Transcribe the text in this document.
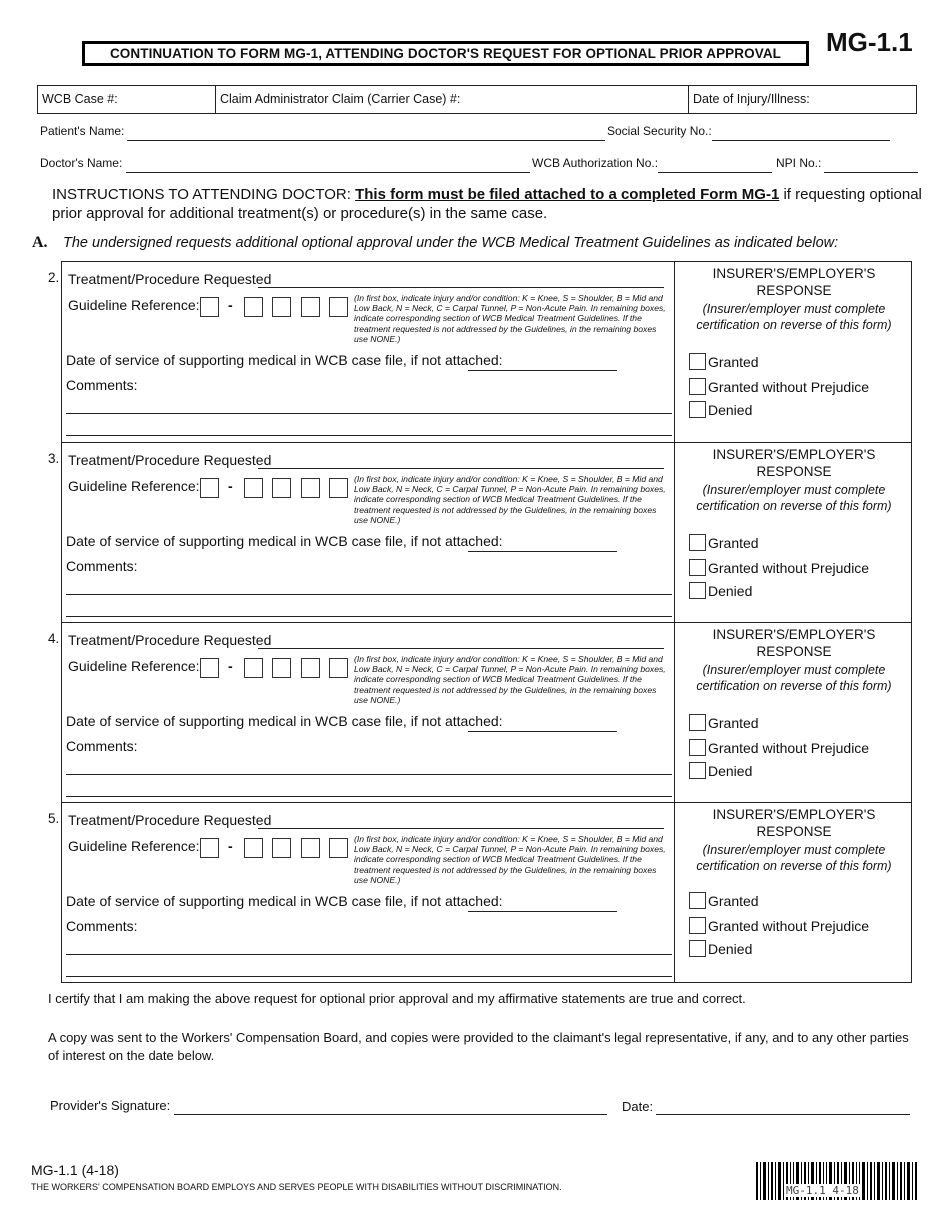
CONTINUATION TO FORM MG-1, ATTENDING DOCTOR'S REQUEST FOR OPTIONAL PRIOR APPROVAL	MG-1.1
WCB Case #:	Claim Administrator Claim (Carrier Case) #:	Date of Injury/Illness:
Patient's Name:	Social Security No.:
Doctor's Name:	WCB Authorization No.:	NPI No.:
INSTRUCTIONS TO ATTENDING DOCTOR: This form must be filed attached to a completed Form MG-1 if requesting optional prior approval for additional treatment(s) or procedure(s) in the same case.
A. The undersigned requests additional optional approval under the WCB Medical Treatment Guidelines as indicated below:
2. Treatment/Procedure Requested
Guideline Reference: -	(In first box, indicate injury and/or condition: K = Knee, S = Shoulder, B = Mid and Low Back, N = Neck, C = Carpal Tunnel, P = Non-Acute Pain. In remaining boxes, indicate corresponding section of WCB Medical Treatment Guidelines. If the treatment requested is not addressed by the Guidelines, in the remaining boxes use NONE.)
Date of service of supporting medical in WCB case file, if not attached:
Comments:
INSURER'S/EMPLOYER'S RESPONSE
(Insurer/employer must complete certification on reverse of this form)
Granted
Granted without Prejudice
Denied
3. Treatment/Procedure Requested
Guideline Reference: -	(In first box, indicate injury and/or condition: K = Knee, S = Shoulder, B = Mid and Low Back, N = Neck, C = Carpal Tunnel, P = Non-Acute Pain. In remaining boxes, indicate corresponding section of WCB Medical Treatment Guidelines. If the treatment requested is not addressed by the Guidelines, in the remaining boxes use NONE.)
Date of service of supporting medical in WCB case file, if not attached:
Comments:
INSURER'S/EMPLOYER'S RESPONSE
(Insurer/employer must complete certification on reverse of this form)
Granted
Granted without Prejudice
Denied
4. Treatment/Procedure Requested
Guideline Reference: -	(In first box, indicate injury and/or condition: K = Knee, S = Shoulder, B = Mid and Low Back, N = Neck, C = Carpal Tunnel, P = Non-Acute Pain. In remaining boxes, indicate corresponding section of WCB Medical Treatment Guidelines. If the treatment requested is not addressed by the Guidelines, in the remaining boxes use NONE.)
Date of service of supporting medical in WCB case file, if not attached:
Comments:
INSURER'S/EMPLOYER'S RESPONSE
(Insurer/employer must complete certification on reverse of this form)
Granted
Granted without Prejudice
Denied
5. Treatment/Procedure Requested
Guideline Reference: -	(In first box, indicate injury and/or condition: K = Knee, S = Shoulder, B = Mid and Low Back, N = Neck, C = Carpal Tunnel, P = Non-Acute Pain. In remaining boxes, indicate corresponding section of WCB Medical Treatment Guidelines. If the treatment requested is not addressed by the Guidelines, in the remaining boxes use NONE.)
Date of service of supporting medical in WCB case file, if not attached:
Comments:
INSURER'S/EMPLOYER'S RESPONSE
(Insurer/employer must complete certification on reverse of this form)
Granted
Granted without Prejudice
Denied
I certify that I am making the above request for optional prior approval and my affirmative statements are true and correct.
A copy was sent to the Workers' Compensation Board, and copies were provided to the claimant's legal representative, if any, and to any other parties of interest on the date below.
Provider's Signature:	Date:
MG-1.1 (4-18)
THE WORKERS' COMPENSATION BOARD EMPLOYS AND SERVES PEOPLE WITH DISABILITIES WITHOUT DISCRIMINATION.	MG-1.1 4-18
